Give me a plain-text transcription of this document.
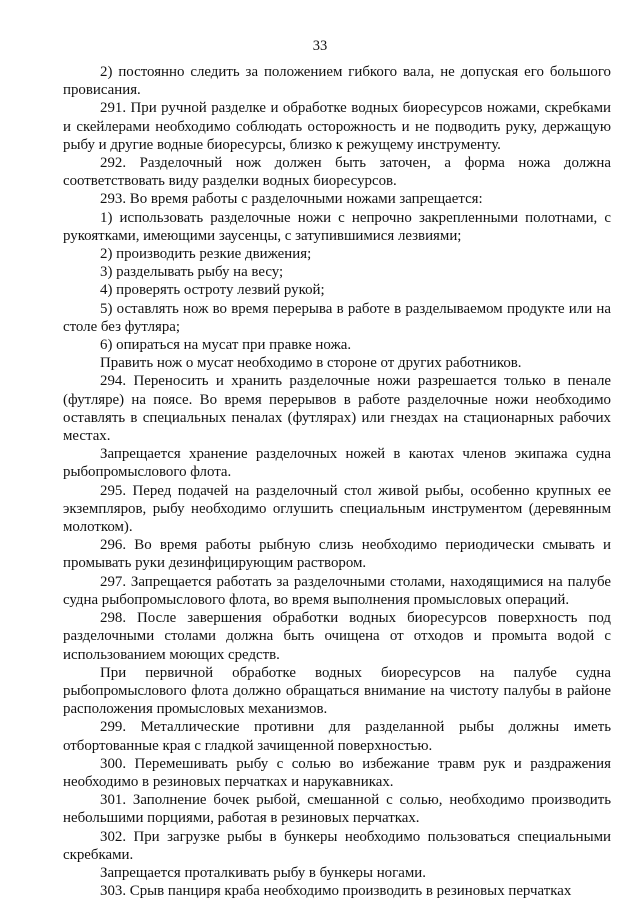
33

2) постоянно следить за положением гибкого вала, не допуская его большого провисания.

291. При ручной разделке и обработке водных биоресурсов ножами, скребками и скейлерами необходимо соблюдать осторожность и не подводить руку, держащую рыбу и другие водные биоресурсы, близко к режущему инструменту.

292. Разделочный нож должен быть заточен, а форма ножа должна соответствовать виду разделки водных биоресурсов.

293. Во время работы с разделочными ножами запрещается:

1) использовать разделочные ножи с непрочно закрепленными полотнами, с рукоятками, имеющими заусенцы, с затупившимися лезвиями;

2) производить резкие движения;

3) разделывать рыбу на весу;

4) проверять остроту лезвий рукой;

5) оставлять нож во время перерыва в работе в разделываемом продукте или на столе без футляра;

6) опираться на мусат при правке ножа.

Править нож о мусат необходимо в стороне от других работников.

294. Переносить и хранить разделочные ножи разрешается только в пенале (футляре) на поясе. Во время перерывов в работе разделочные ножи необходимо оставлять в специальных пеналах (футлярах) или гнездах на стационарных рабочих местах.

Запрещается хранение разделочных ножей в каютах членов экипажа судна рыбопромыслового флота.

295. Перед подачей на разделочный стол живой рыбы, особенно крупных ее экземпляров, рыбу необходимо оглушить специальным инструментом (деревянным молотком).

296. Во время работы рыбную слизь необходимо периодически смывать и промывать руки дезинфицирующим раствором.

297. Запрещается работать за разделочными столами, находящимися на палубе судна рыбопромыслового флота, во время выполнения промысловых операций.

298. После завершения обработки водных биоресурсов поверхность под разделочными столами должна быть очищена от отходов и промыта водой с использованием моющих средств.

При первичной обработке водных биоресурсов на палубе судна рыбопромыслового флота должно обращаться внимание на чистоту палубы в районе расположения промысловых механизмов.

299. Металлические противни для разделанной рыбы должны иметь отбортованные края с гладкой зачищенной поверхностью.

300. Перемешивать рыбу с солью во избежание травм рук и раздражения необходимо в резиновых перчатках и нарукавниках.

301. Заполнение бочек рыбой, смешанной с солью, необходимо производить небольшими порциями, работая в резиновых перчатках.

302. При загрузке рыбы в бункеры необходимо пользоваться специальными скребками.

Запрещается проталкивать рыбу в бункеры ногами.

303. Срыв панциря краба необходимо производить в резиновых перчатках
